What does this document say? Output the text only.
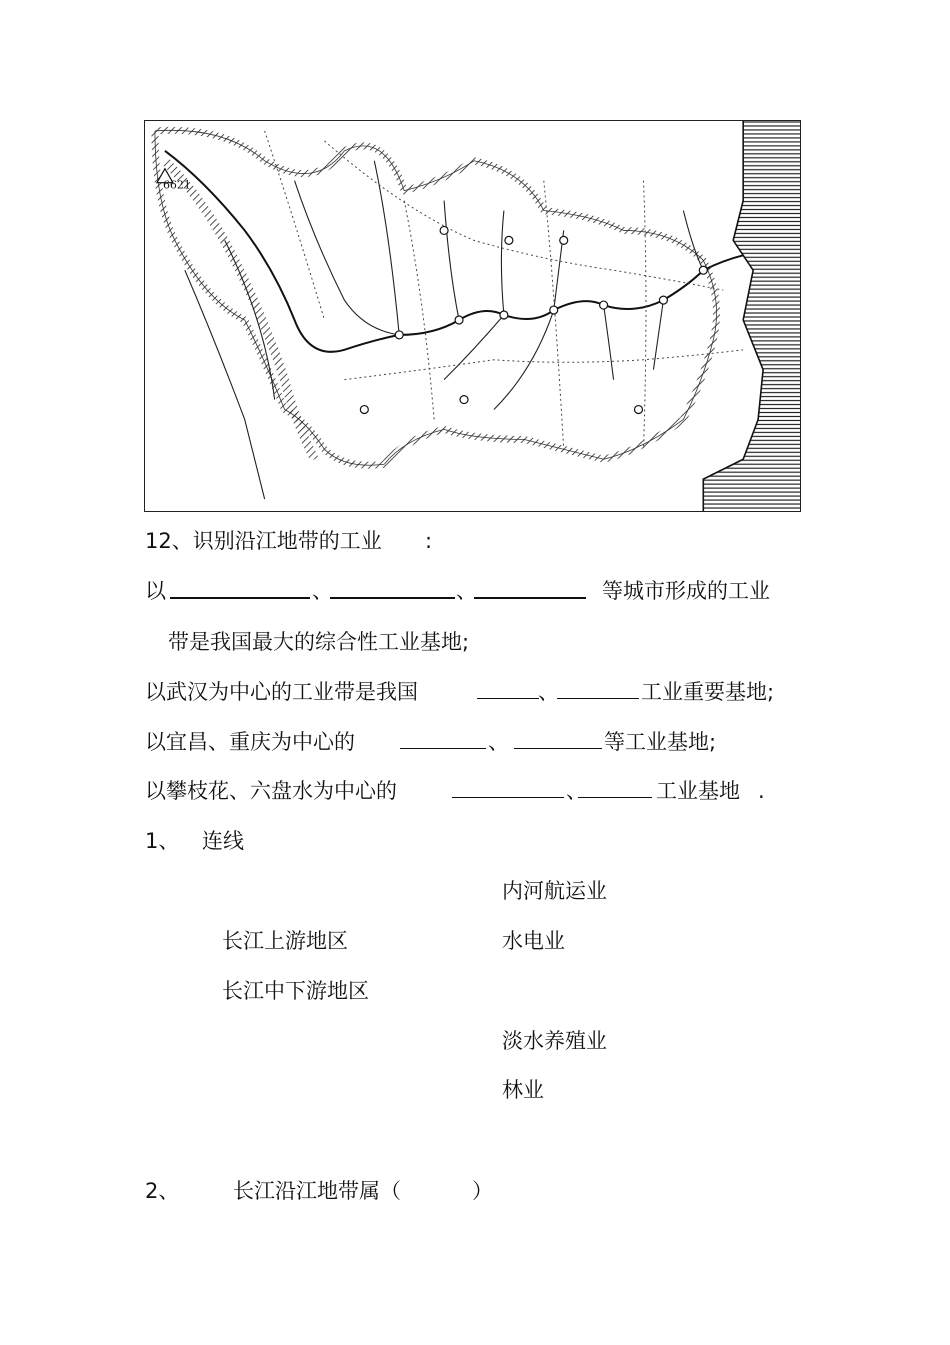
6621
12、识别沿江地带的工业 :
以	、	、	等城市形成的工业
带是我国最大的综合性工业基地;
以武汉为中心的工业带是我国	、	工业重要基地;
以宜昌、重庆为中心的	、	等工业基地;
以攀枝花、六盘水为中心的	、	工业基地 .
1、 连线
内河航运业
长江上游地区	水电业
长江中下游地区
淡水养殖业
林业
2、	长江沿江地带属（	）
